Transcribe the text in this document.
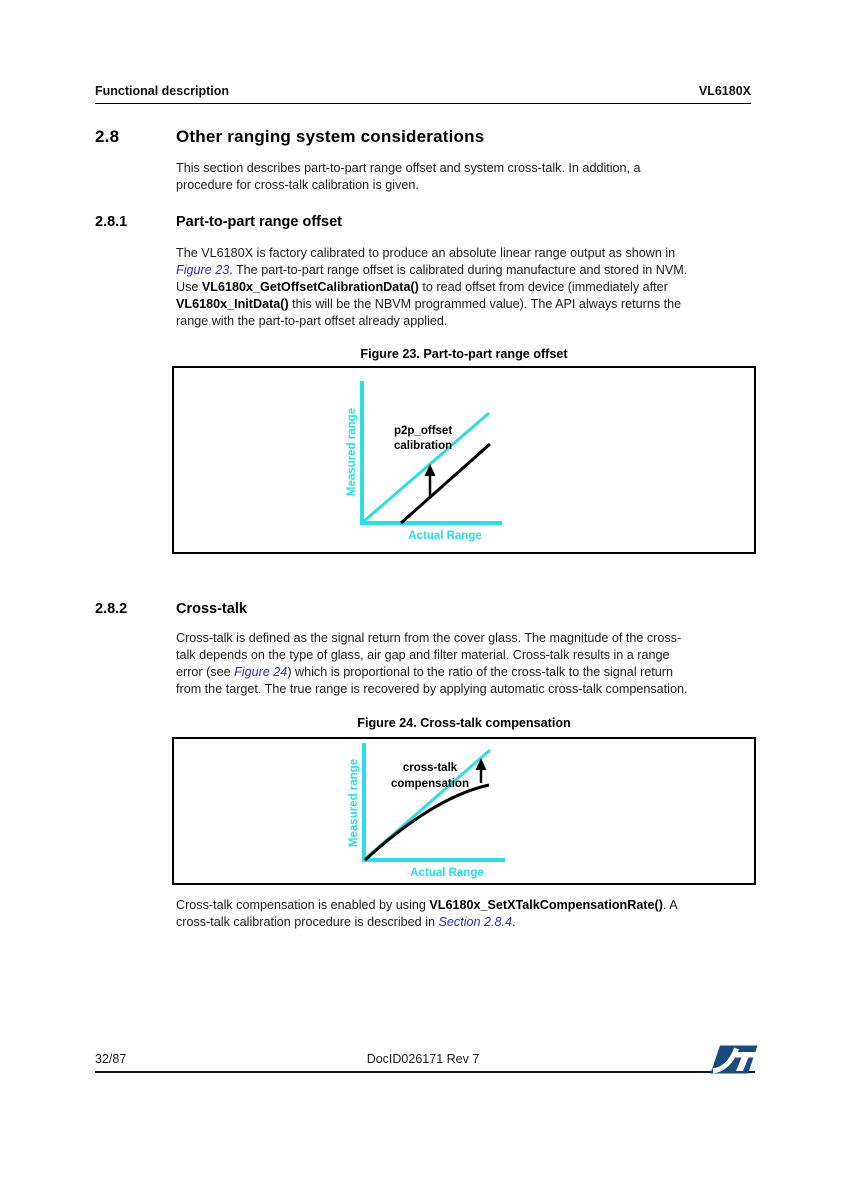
Functional description	VL6180X
2.8	Other ranging system considerations
This section describes part-to-part range offset and system cross-talk. In addition, a
procedure for cross-talk calibration is given.
2.8.1	Part-to-part range offset
The VL6180X is factory calibrated to produce an absolute linear range output as shown in
Figure 23. The part-to-part range offset is calibrated during manufacture and stored in NVM.
Use VL6180x_GetOffsetCalibrationData() to read offset from device (immediately after
VL6180x_InitData() this will be the NBVM programmed value). The API always returns the
range with the part-to-part offset already applied.
Figure 23. Part-to-part range offset
p2p_offset
calibration
Measured range
Actual Range
2.8.2	Cross-talk
Cross-talk is defined as the signal return from the cover glass. The magnitude of the cross-
talk depends on the type of glass, air gap and filter material. Cross-talk results in a range
error (see Figure 24) which is proportional to the ratio of the cross-talk to the signal return
from the target. The true range is recovered by applying automatic cross-talk compensation.
Figure 24. Cross-talk compensation
cross-talk
compensation
Measured range
Actual Range
Cross-talk compensation is enabled by using VL6180x_SetXTalkCompensationRate(). A
cross-talk calibration procedure is described in Section 2.8.4.
32/87	DocID026171 Rev 7
